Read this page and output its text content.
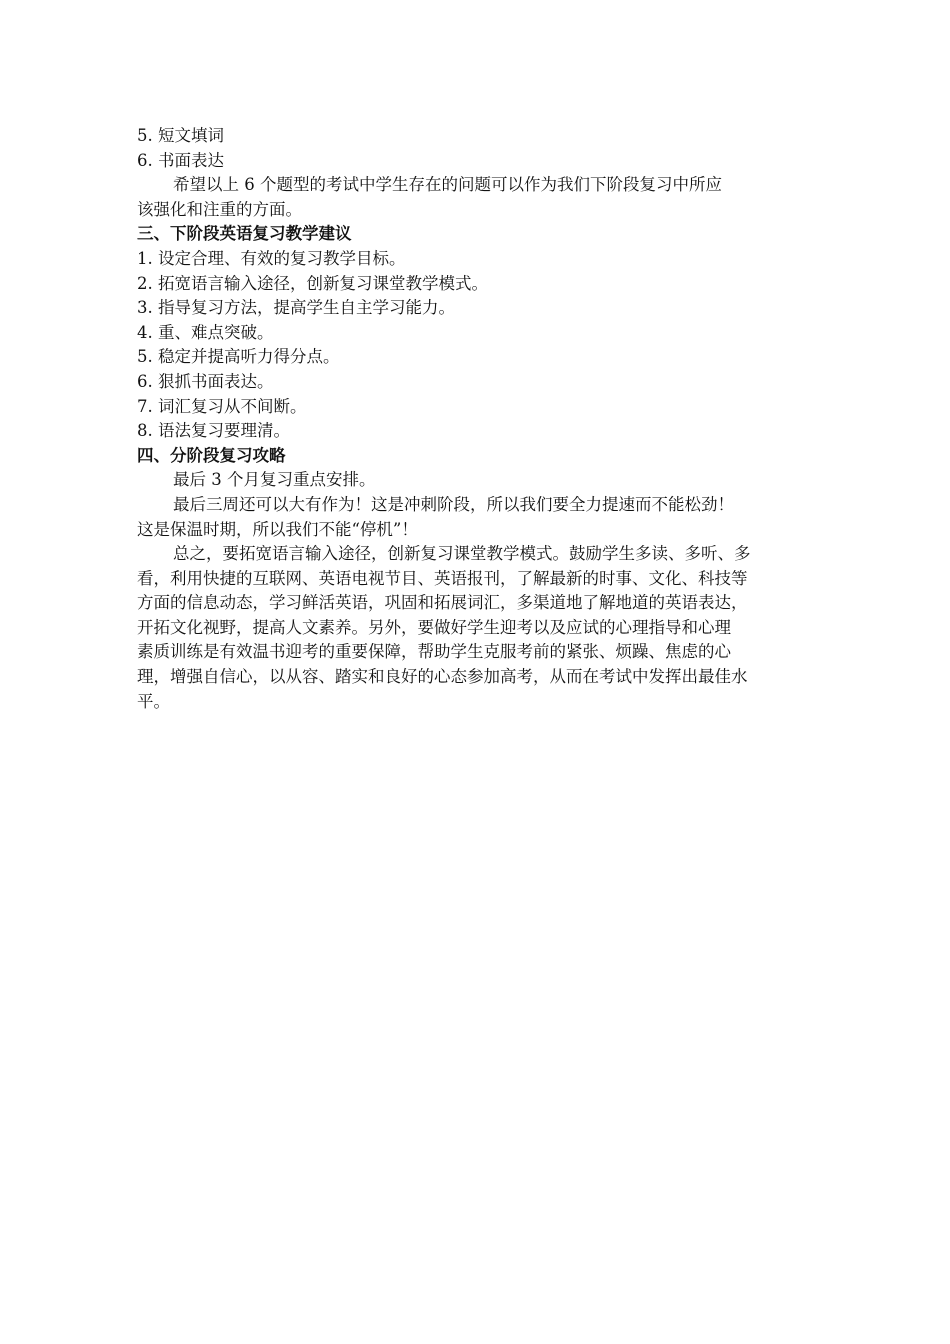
5. 短文填词
6. 书面表达
希望以上 6 个题型的考试中学生存在的问题可以作为我们下阶段复习中所应
该强化和注重的方面。
三、下阶段英语复习教学建议
1. 设定合理、有效的复习教学目标。
2. 拓宽语言输入途径，创新复习课堂教学模式。
3. 指导复习方法，提高学生自主学习能力。
4. 重、难点突破。
5. 稳定并提高听力得分点。
6. 狠抓书面表达。
7. 词汇复习从不间断。
8. 语法复习要理清。
四、分阶段复习攻略
最后 3 个月复习重点安排。
最后三周还可以大有作为！这是冲刺阶段，所以我们要全力提速而不能松劲！
这是保温时期，所以我们不能“停机”！
总之，要拓宽语言输入途径，创新复习课堂教学模式。鼓励学生多读、多听、多
看，利用快捷的互联网、英语电视节目、英语报刊，了解最新的时事、文化、科技等
方面的信息动态，学习鲜活英语，巩固和拓展词汇，多渠道地了解地道的英语表达，
开拓文化视野，提高人文素养。另外，要做好学生迎考以及应试的心理指导和心理
素质训练是有效温书迎考的重要保障，帮助学生克服考前的紧张、烦躁、焦虑的心
理，增强自信心，以从容、踏实和良好的心态参加高考，从而在考试中发挥出最佳水
平。
